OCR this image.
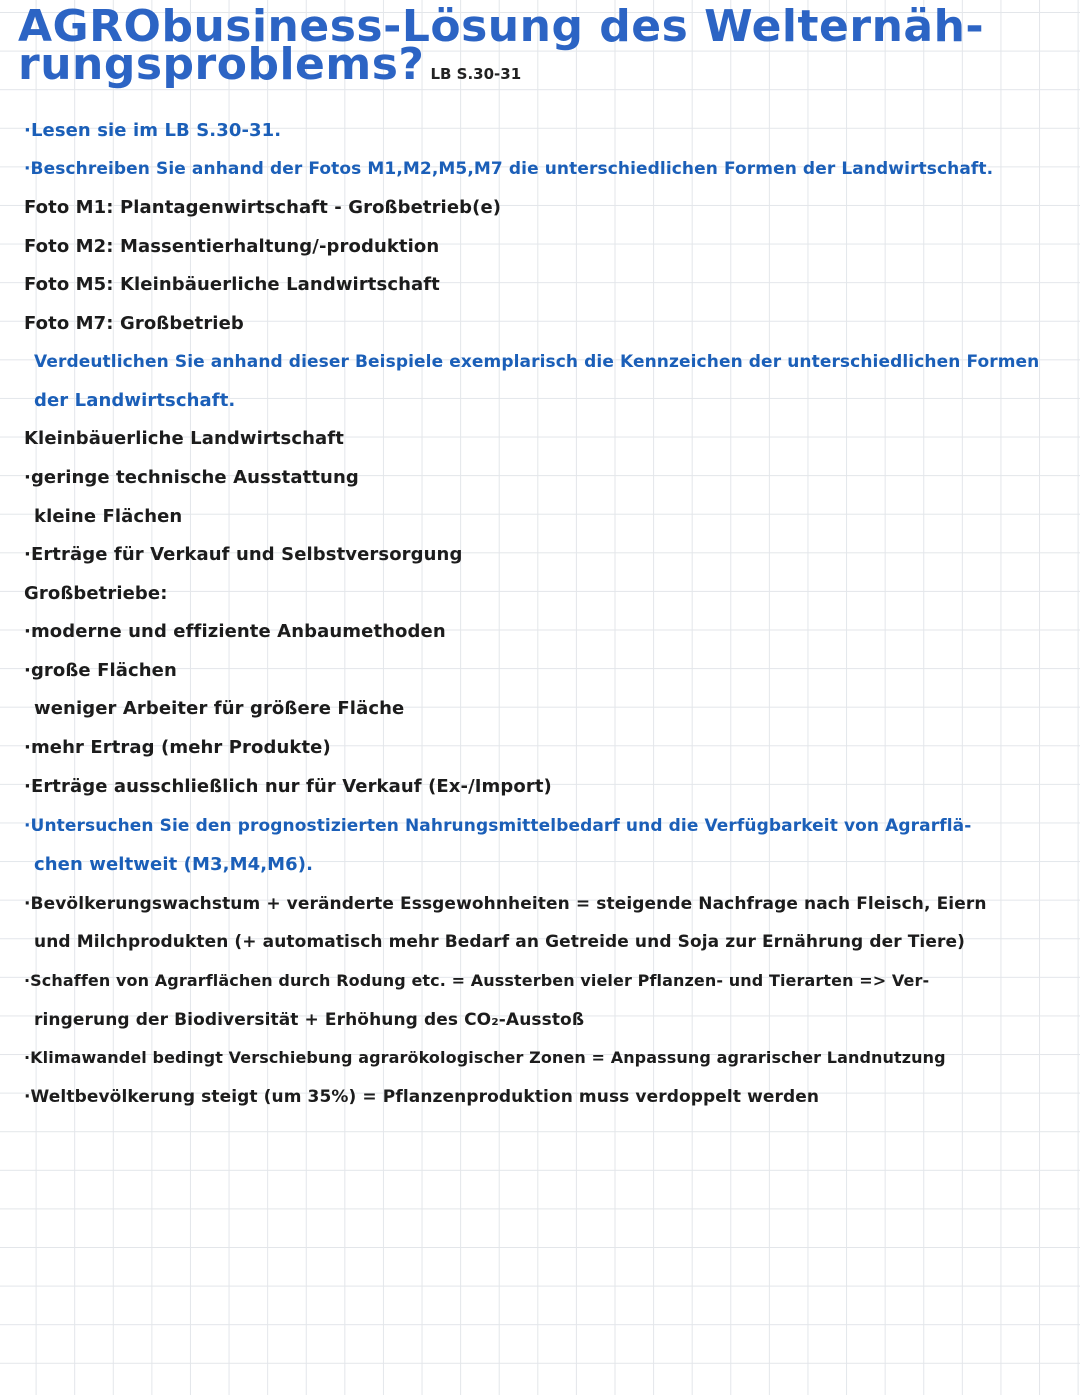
AGRObusiness-Lösung des Welternäh-
rungsproblems? LB S.30-31
·Lesen sie im LB S.30-31.
·Beschreiben Sie anhand der Fotos M1,M2,M5,M7 die unterschiedlichen Formen der Landwirtschaft.
Foto M1: Plantagenwirtschaft - Großbetrieb(e)
Foto M2: Massentierhaltung/-produktion
Foto M5: Kleinbäuerliche Landwirtschaft
Foto M7: Großbetrieb
Verdeutlichen Sie anhand dieser Beispiele exemplarisch die Kennzeichen der unterschiedlichen Formen
der Landwirtschaft.
Kleinbäuerliche Landwirtschaft
·geringe technische Ausstattung
kleine Flächen
·Erträge für Verkauf und Selbstversorgung
Großbetriebe:
·moderne und effiziente Anbaumethoden
·große Flächen
weniger Arbeiter für größere Fläche
·mehr Ertrag (mehr Produkte)
·Erträge ausschließlich nur für Verkauf (Ex-/Import)
·Untersuchen Sie den prognostizierten Nahrungsmittelbedarf und die Verfügbarkeit von Agrarflä-
chen weltweit (M3,M4,M6).
·Bevölkerungswachstum + veränderte Essgewohnheiten = steigende Nachfrage nach Fleisch, Eiern
und Milchprodukten (+ automatisch mehr Bedarf an Getreide und Soja zur Ernährung der Tiere)
·Schaffen von Agrarflächen durch Rodung etc. = Aussterben vieler Pflanzen- und Tierarten => Ver-
ringerung der Biodiversität + Erhöhung des CO₂-Ausstoß
·Klimawandel bedingt Verschiebung agrarökologischer Zonen = Anpassung agrarischer Landnutzung
·Weltbevölkerung steigt (um 35%) = Pflanzenproduktion muss verdoppelt werden
